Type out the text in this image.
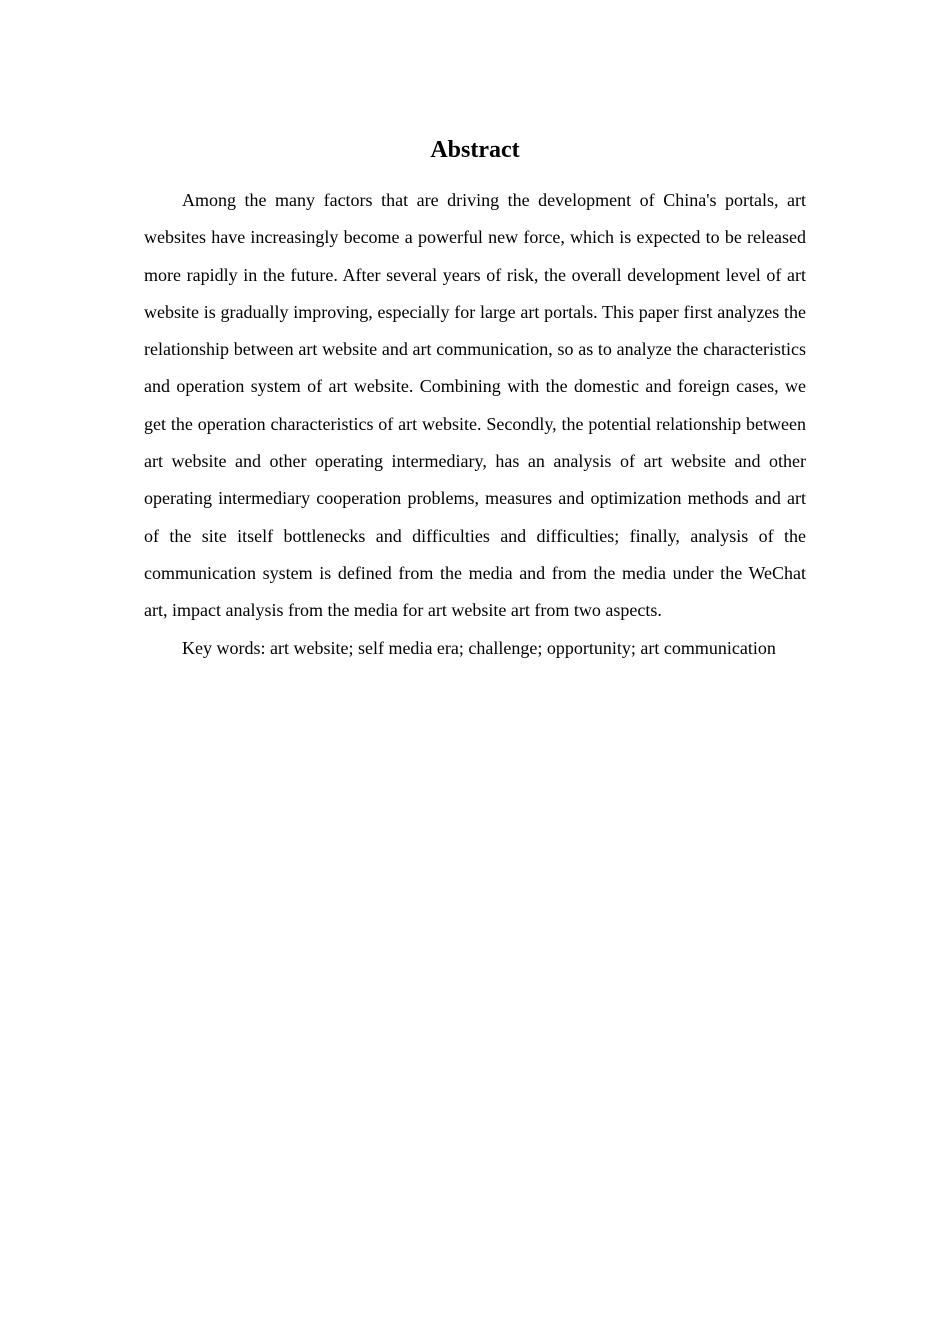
Abstract

Among the many factors that are driving the development of China's portals, art websites have increasingly become a powerful new force, which is expected to be released more rapidly in the future. After several years of risk, the overall development level of art website is gradually improving, especially for large art portals. This paper first analyzes the relationship between art website and art communication, so as to analyze the characteristics and operation system of art website. Combining with the domestic and foreign cases, we get the operation characteristics of art website. Secondly, the potential relationship between art website and other operating intermediary, has an analysis of art website and other operating intermediary cooperation problems, measures and optimization methods and art of the site itself bottlenecks and difficulties and difficulties; finally, analysis of the communication system is defined from the media and from the media under the WeChat art, impact analysis from the media for art website art from two aspects.

Key words: art website; self media era; challenge; opportunity; art communication
